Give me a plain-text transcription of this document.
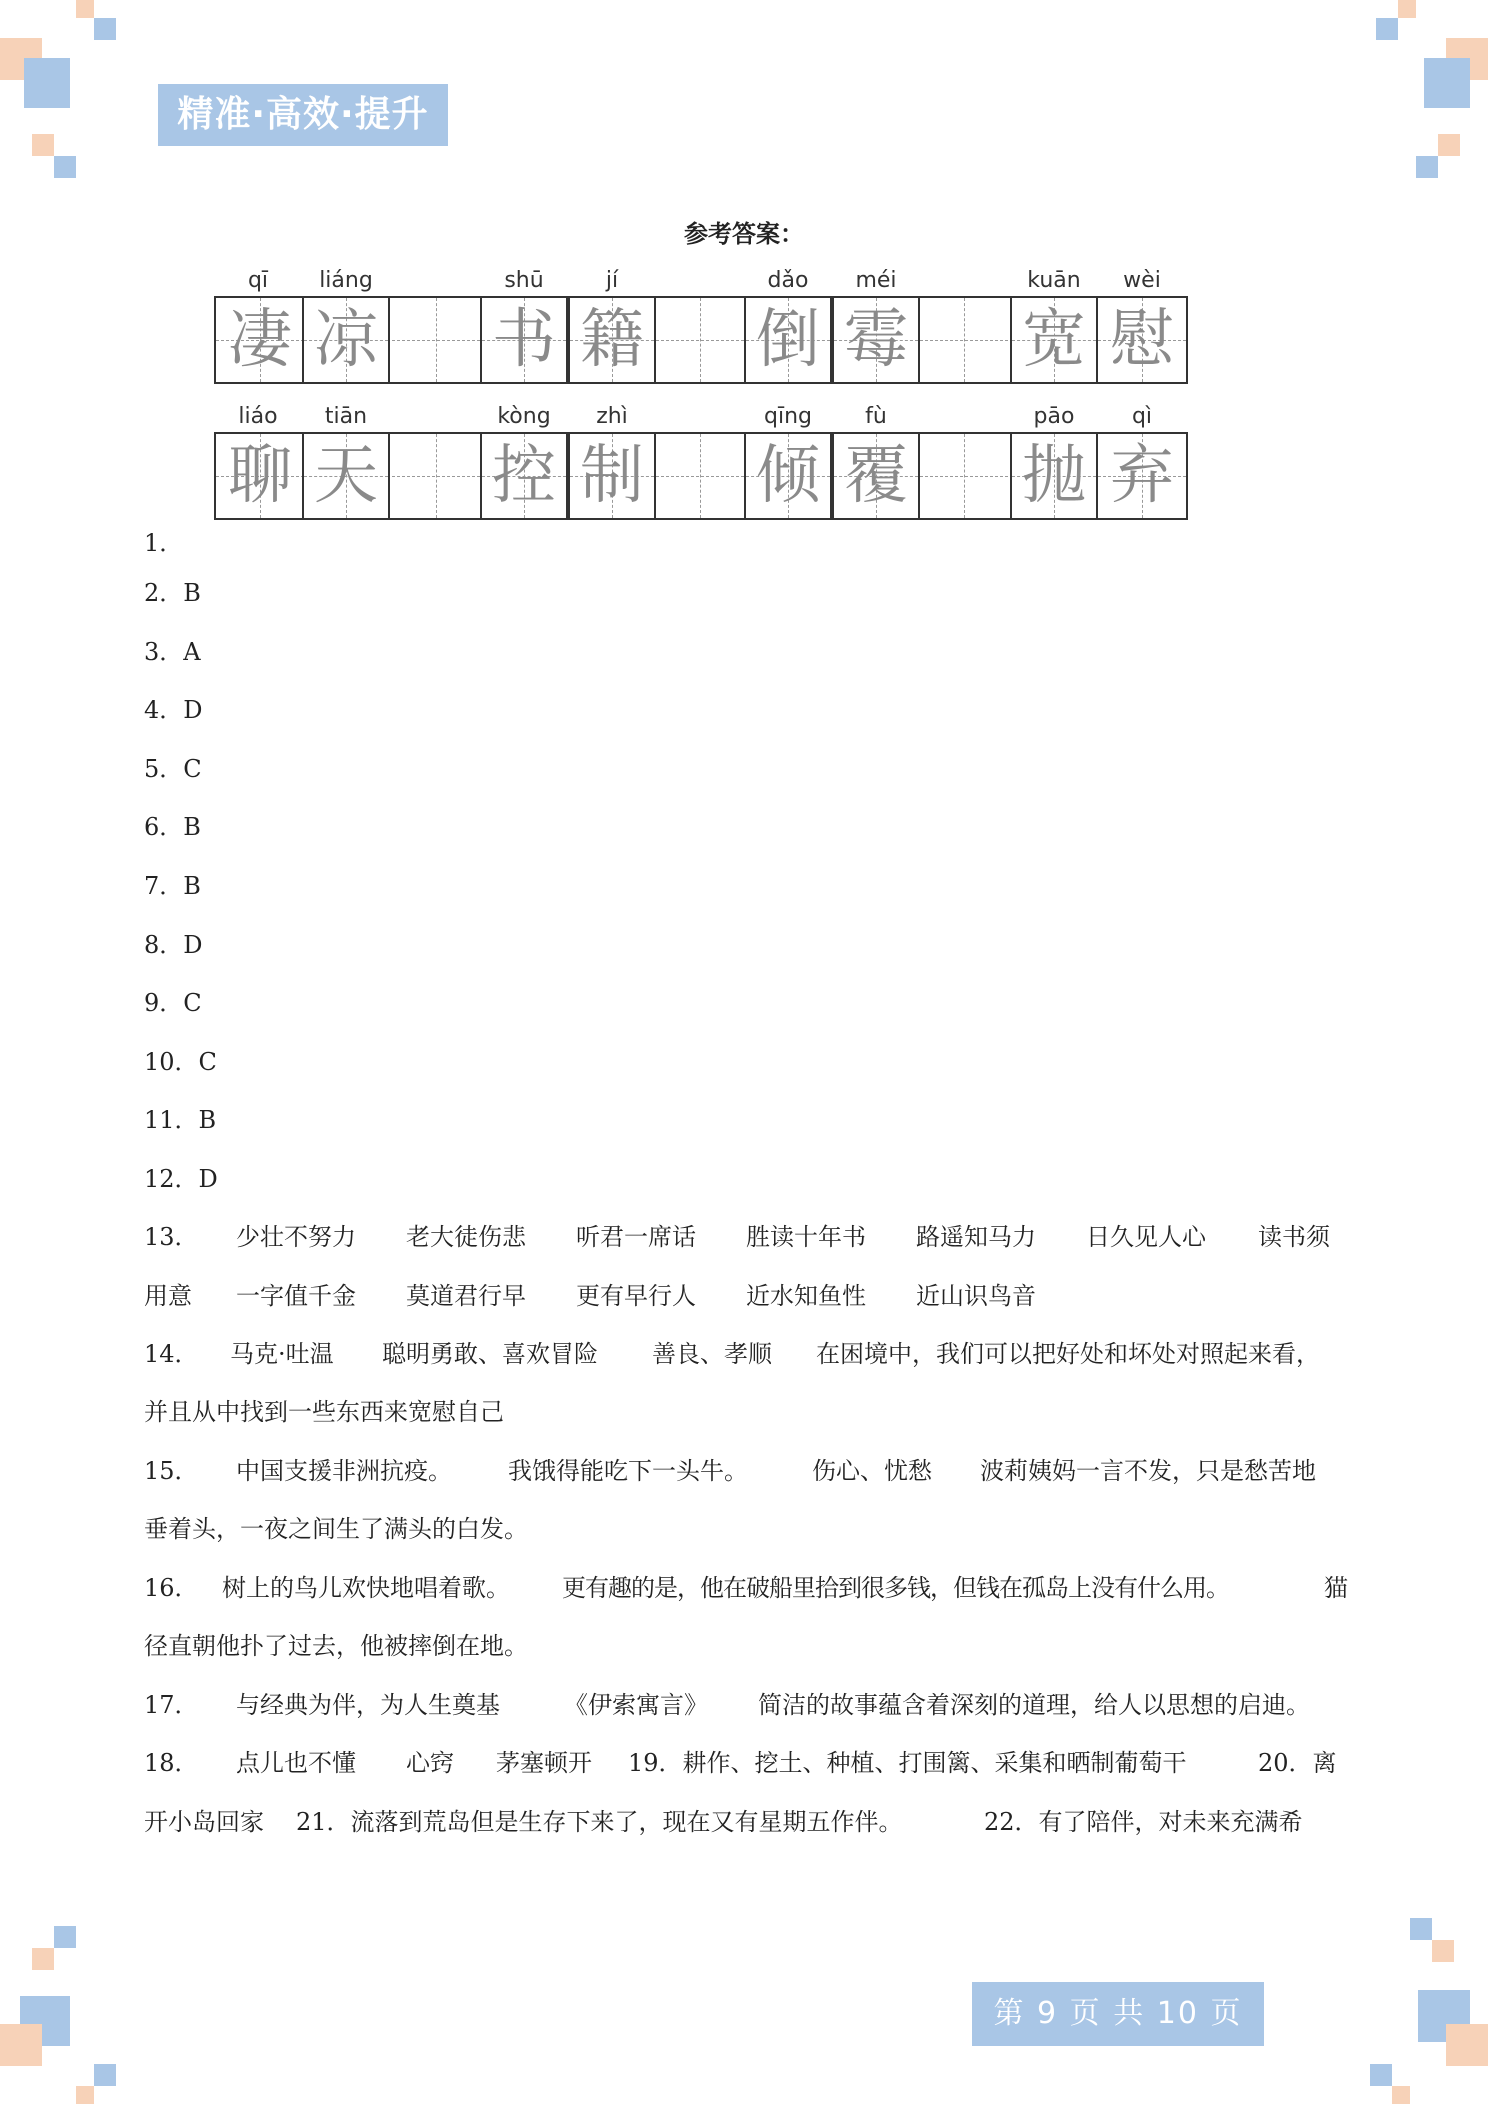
精准·高效·提升
参考答案：
qī	liáng	shū	jí	dǎo	méi	kuān	wèi
凄 凉 书 籍 倒 霉 宽 慰
liáo	tiān	kòng	zhì	qīng	fù	pāo	qì
聊 天 控 制 倾 覆 抛 弃
1．
2．B
3．A
4．D
5．C
6．B
7．B
8．D
9．C
10．C
11．B
12．D
13． 少壮不努力 老大徒伤悲 听君一席话 胜读十年书 路遥知马力 日久见人心 读书须
用意 一字值千金 莫道君行早 更有早行人 近水知鱼性 近山识鸟音
14． 马克·吐温 聪明勇敢、喜欢冒险 善良、孝顺 在困境中，我们可以把好处和坏处对照起来看，
并且从中找到一些东西来宽慰自己
15． 中国支援非洲抗疫。 我饿得能吃下一头牛。	伤心、忧愁 波莉姨妈一言不发，只是愁苦地
垂着头，一夜之间生了满头的白发。
16． 树上的鸟儿欢快地唱着歌。 更有趣的是，他在破船里拾到很多钱，但钱在孤岛上没有什么用。	猫
径直朝他扑了过去，他被摔倒在地。
17． 与经典为伴，为人生奠基	《伊索寓言》 简洁的故事蕴含着深刻的道理，给人以思想的启迪。
18． 点儿也不懂 心窍 茅塞顿开 19．耕作、挖土、种植、打围篱、采集和晒制葡萄干	20．离
开小岛回家 21．流落到荒岛但是生存下来了，现在又有星期五作伴。	22．有了陪伴，对未来充满希
第 9 页 共 10 页
